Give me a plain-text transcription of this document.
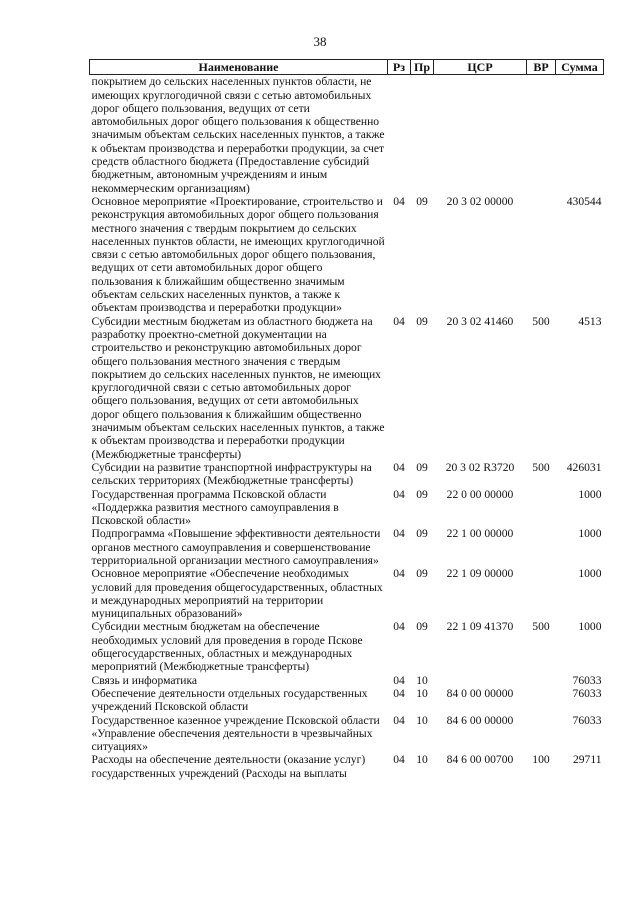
38
Наименование	Рз	Пр	ЦСР	ВР	Сумма
покрытием до сельских населенных пунктов области, не имеющих круглогодичной связи с сетью автомобильных дорог общего пользования, ведущих от сети автомобильных дорог общего пользования к общественно значимым объектам сельских населенных пунктов, а также к объектам производства и переработки продукции, за счет средств областного бюджета (Предоставление субсидий бюджетным, автономным учреждениям и иным некоммерческим организациям)					
Основное мероприятие «Проектирование, строительство и реконструкция автомобильных дорог общего пользования местного значения с твердым покрытием до сельских населенных пунктов области, не имеющих круглогодичной связи с сетью автомобильных дорог общего пользования, ведущих от сети автомобильных дорог общего пользования к ближайшим общественно значимым объектам сельских населенных пунктов, а также к объектам производства и переработки продукции»	04	09	20 3 02 00000		430544
Субсидии местным бюджетам из областного бюджета на разработку проектно-сметной документации на строительство и реконструкцию автомобильных дорог общего пользования местного значения с твердым покрытием до сельских населенных пунктов, не имеющих круглогодичной связи с сетью автомобильных дорог общего пользования, ведущих от сети автомобильных дорог общего пользования к ближайшим общественно значимым объектам сельских населенных пунктов, а также к объектам производства и переработки продукции (Межбюджетные трансферты)	04	09	20 3 02 41460	500	4513
Субсидии на развитие транспортной инфраструктуры на сельских территориях (Межбюджетные трансферты)	04	09	20 3 02 R3720	500	426031
Государственная программа Псковской области «Поддержка развития местного самоуправления в Псковской области»	04	09	22 0 00 00000		1000
Подпрограмма «Повышение эффективности деятельности органов местного самоуправления и совершенствование территориальной организации местного самоуправления»	04	09	22 1 00 00000		1000
Основное мероприятие «Обеспечение необходимых условий для проведения общегосударственных, областных и международных мероприятий на территории муниципальных образований»	04	09	22 1 09 00000		1000
Субсидии местным бюджетам на обеспечение необходимых условий для проведения в городе Пскове общегосударственных, областных и международных мероприятий (Межбюджетные трансферты)	04	09	22 1 09 41370	500	1000
Связь и информатика	04	10			76033
Обеспечение деятельности отдельных государственных учреждений Псковской области	04	10	84 0 00 00000		76033
Государственное казенное учреждение Псковской области «Управление обеспечения деятельности в чрезвычайных ситуациях»	04	10	84 6 00 00000		76033
Расходы на обеспечение деятельности (оказание услуг) государственных учреждений (Расходы на выплаты	04	10	84 6 00 00700	100	29711
